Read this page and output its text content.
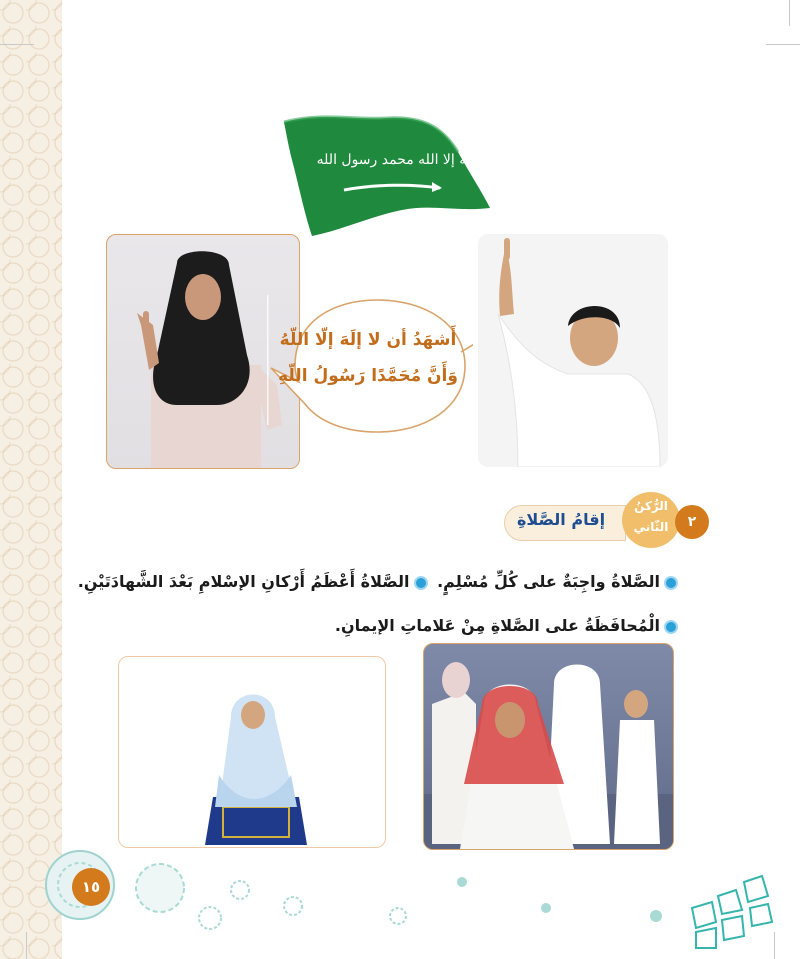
لا إله إلا الله محمد رسول الله
أَشهَدُ أن لا إلَهَ إلّا اللّهُ
وَأَنَّ مُحَمَّدًا رَسُولُ اللّهِ
إقامُ الصَّلاةِ
الرُّكنُ
الثّاني	٢
الصَّلاةُ واجِبَةٌ على كُلِّ مُسْلِمٍ. الصَّلاةُ أَعْظَمُ أَرْكانِ الإسْلامِ بَعْدَ الشَّهادَتَيْنِ.
الْمُحافَظَةُ على الصَّلاةِ مِنْ عَلاماتِ الإيمانِ.
١٥
